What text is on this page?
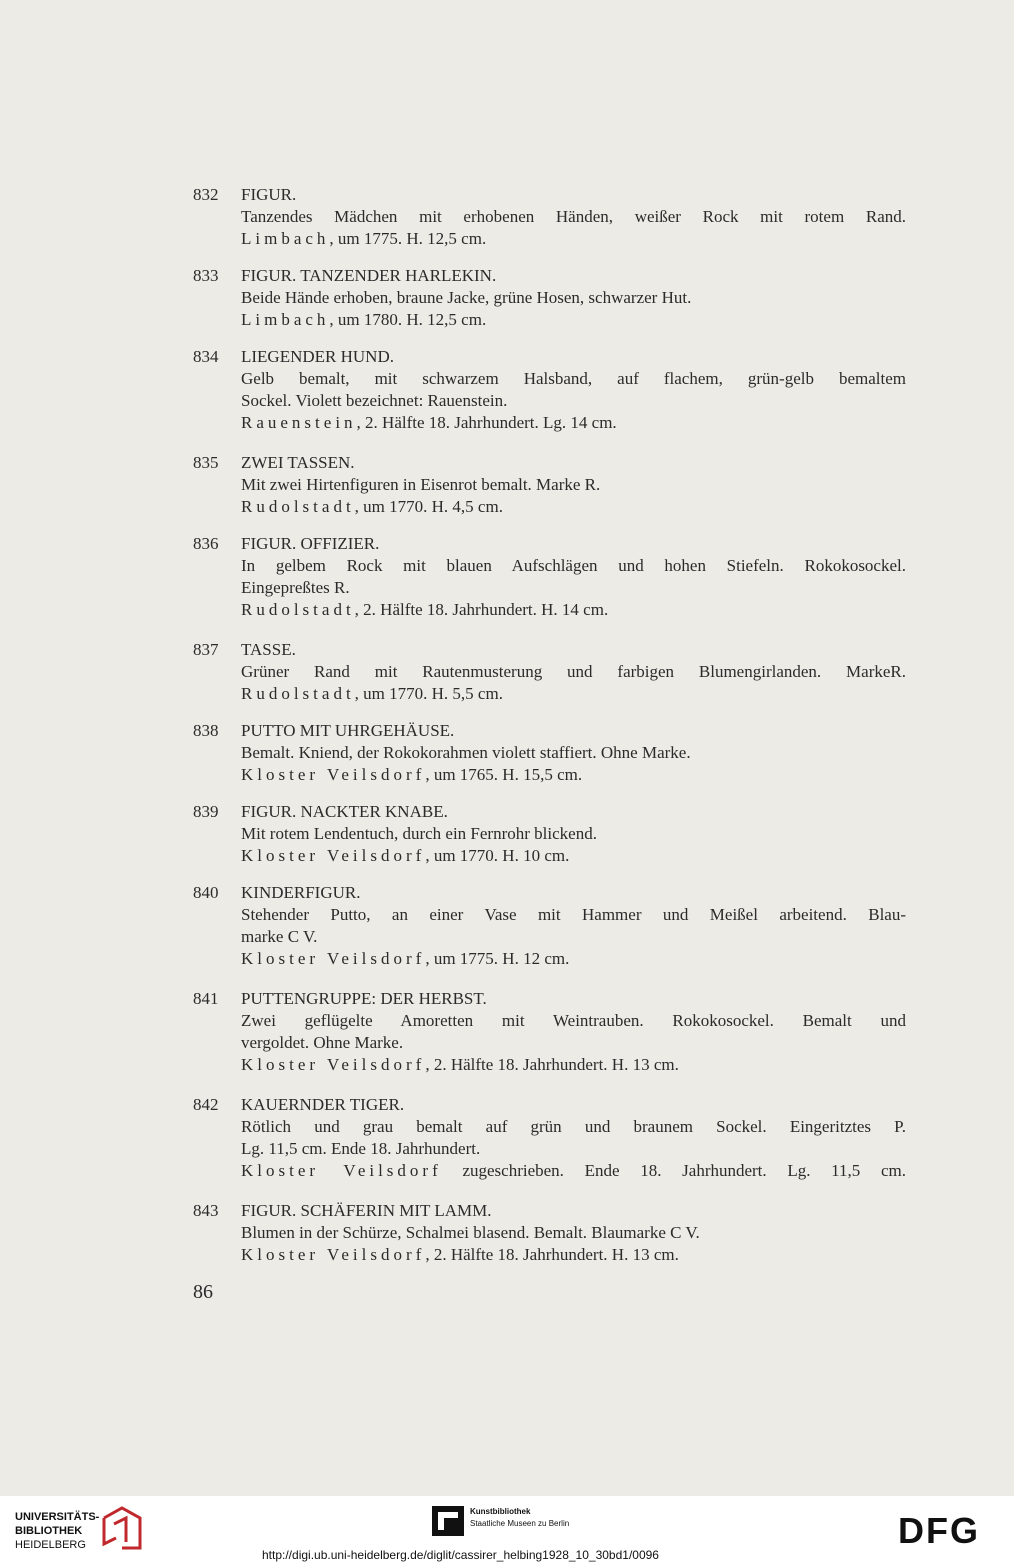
832	FIGUR.
Tanzendes Mädchen mit erhobenen Händen, weißer Rock mit rotem Rand.
Limbach, um 1775. H. 12,5 cm.
833	FIGUR. TANZENDER HARLEKIN.
Beide Hände erhoben, braune Jacke, grüne Hosen, schwarzer Hut.
Limbach, um 1780. H. 12,5 cm.
834	LIEGENDER HUND.
Gelb bemalt, mit schwarzem Halsband, auf flachem, grün-gelb bemaltem
Sockel. Violett bezeichnet: Rauenstein.
Rauenstein, 2. Hälfte 18. Jahrhundert. Lg. 14 cm.
835	ZWEI TASSEN.
Mit zwei Hirtenfiguren in Eisenrot bemalt. Marke R.
Rudolstadt, um 1770. H. 4,5 cm.
836	FIGUR. OFFIZIER.
In gelbem Rock mit blauen Aufschlägen und hohen Stiefeln. Rokokosockel.
Eingepreßtes R.
Rudolstadt, 2. Hälfte 18. Jahrhundert. H. 14 cm.
837	TASSE.
Grüner Rand mit Rautenmusterung und farbigen Blumengirlanden. MarkeR.
Rudolstadt, um 1770. H. 5,5 cm.
838	PUTTO MIT UHRGEHÄUSE.
Bemalt. Kniend, der Rokokorahmen violett staffiert. Ohne Marke.
Kloster Veilsdorf, um 1765. H. 15,5 cm.
839	FIGUR. NACKTER KNABE.
Mit rotem Lendentuch, durch ein Fernrohr blickend.
Kloster Veilsdorf, um 1770. H. 10 cm.
840	KINDERFIGUR.
Stehender Putto, an einer Vase mit Hammer und Meißel arbeitend. Blau-
marke C V.
Kloster Veilsdorf, um 1775. H. 12 cm.
841	PUTTENGRUPPE: DER HERBST.
Zwei geflügelte Amoretten mit Weintrauben. Rokokosockel. Bemalt und
vergoldet. Ohne Marke.
Kloster Veilsdorf, 2. Hälfte 18. Jahrhundert. H. 13 cm.
842	KAUERNDER TIGER.
Rötlich und grau bemalt auf grün und braunem Sockel. Eingeritztes P.
Lg. 11,5 cm. Ende 18. Jahrhundert.
Kloster Veilsdorf zugeschrieben. Ende 18. Jahrhundert. Lg. 11,5 cm.
843	FIGUR. SCHÄFERIN MIT LAMM.
Blumen in der Schürze, Schalmei blasend. Bemalt. Blaumarke C V.
Kloster Veilsdorf, 2. Hälfte 18. Jahrhundert. H. 13 cm.
86
UNIVERSITÄTS-
BIBLIOTHEK
HEIDELBERG
Kunstbibliothek
Staatliche Museen zu Berlin	DFG
http://digi.ub.uni-heidelberg.de/diglit/cassirer_helbing1928_10_30bd1/0096
